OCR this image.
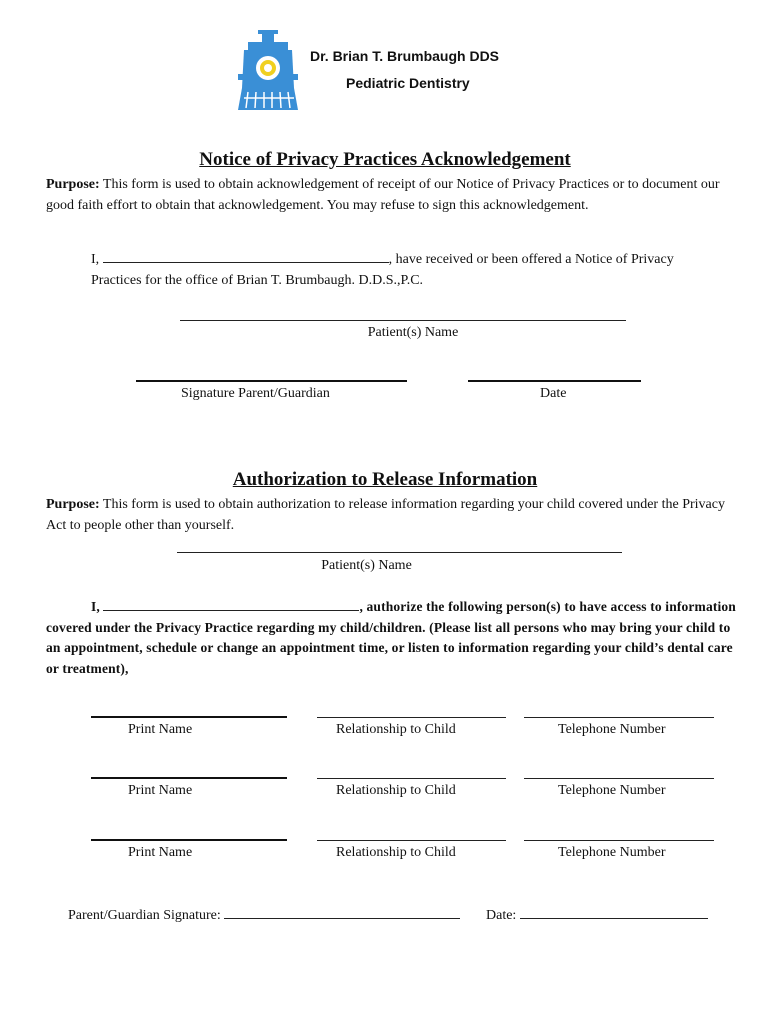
Dr. Brian T. Brumbaugh DDS
Pediatric Dentistry
Notice of Privacy Practices Acknowledgement
Purpose: This form is used to obtain acknowledgement of receipt of our Notice of Privacy Practices or to document our good faith effort to obtain that acknowledgement. You may refuse to sign this acknowledgement.
I,	, have received or been offered a Notice of Privacy
Practices for the office of Brian T. Brumbaugh. D.D.S.,P.C.
Patient(s) Name
Signature Parent/Guardian	Date
Authorization to Release Information
Purpose: This form is used to obtain authorization to release information regarding your child covered under the Privacy Act to people other than yourself.
Patient(s) Name
I,	, authorize the following person(s) to have access to information covered under the Privacy Practice regarding my child/children. (Please list all persons who may bring your child to an appointment, schedule or change an appointment time, or listen to information regarding your child’s dental care or treatment),
Print Name	Relationship to Child	Telephone Number
Print Name	Relationship to Child	Telephone Number
Print Name	Relationship to Child	Telephone Number
Parent/Guardian Signature:	Date:
